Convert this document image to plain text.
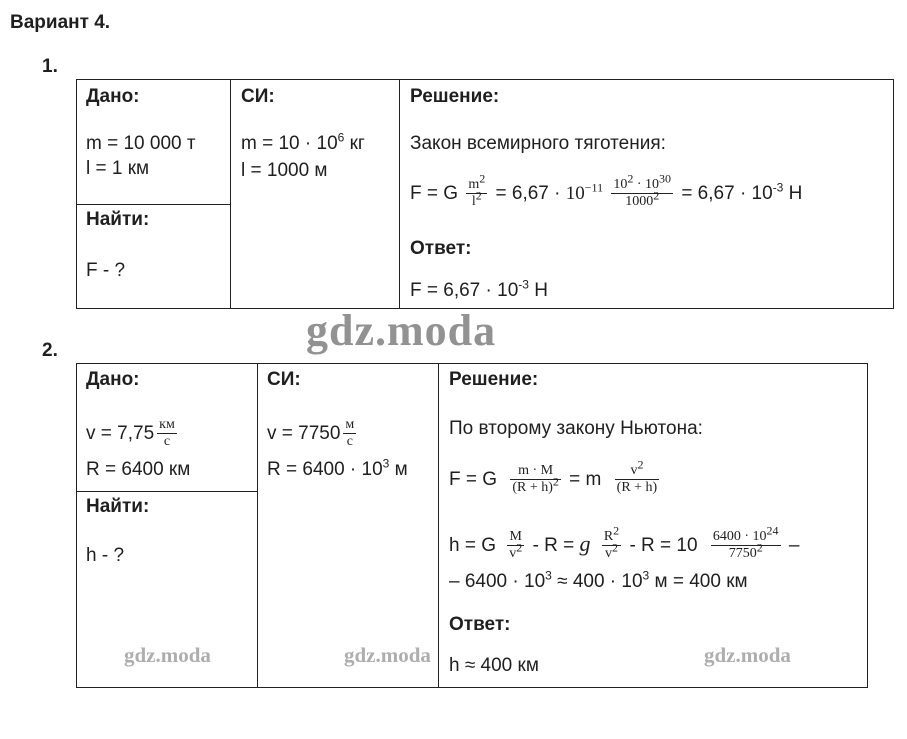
Вариант 4.
1.
Дано:
m = 10 000 т
l = 1 км
Найти:
F - ?
СИ:
$m = 10 \cdot 10^6$ кг
l = 1000 м
Решение:
Закон всемирного тяготения:
F = G $\frac{m^2}{l^2} = 6,67 \cdot 10^{-11} \frac{10^2 \cdot 10^{30}}{1000^2} = 6,67 \cdot 10^{-3}$ Н
Ответ:
$F = 6,67 \cdot 10^{-3}$ Н
gdz.moda
2.
Дано:
$v = 7,75 \frac{км}{с}$
R = 6400 км
Найти:
h - ?
СИ:
$v = 7750 \frac{м}{с}$
$R = 6400 \cdot 10^3$ м
Решение:
По второму закону Ньютона:
F = G $\frac{m \cdot M}{(R + h)^2} = m \frac{v^2}{(R + h)}$
h = G $\frac{M}{v^2} - R = g \frac{R^2}{v^2} - R = 10 \frac{6400 \cdot 10^{24}}{7750^2}$ –
– $6400 \cdot 10^3 \approx 400 \cdot 10^3$ м = 400 км
Ответ:
h ≈ 400 км
gdz.moda	gdz.moda	gdz.moda
